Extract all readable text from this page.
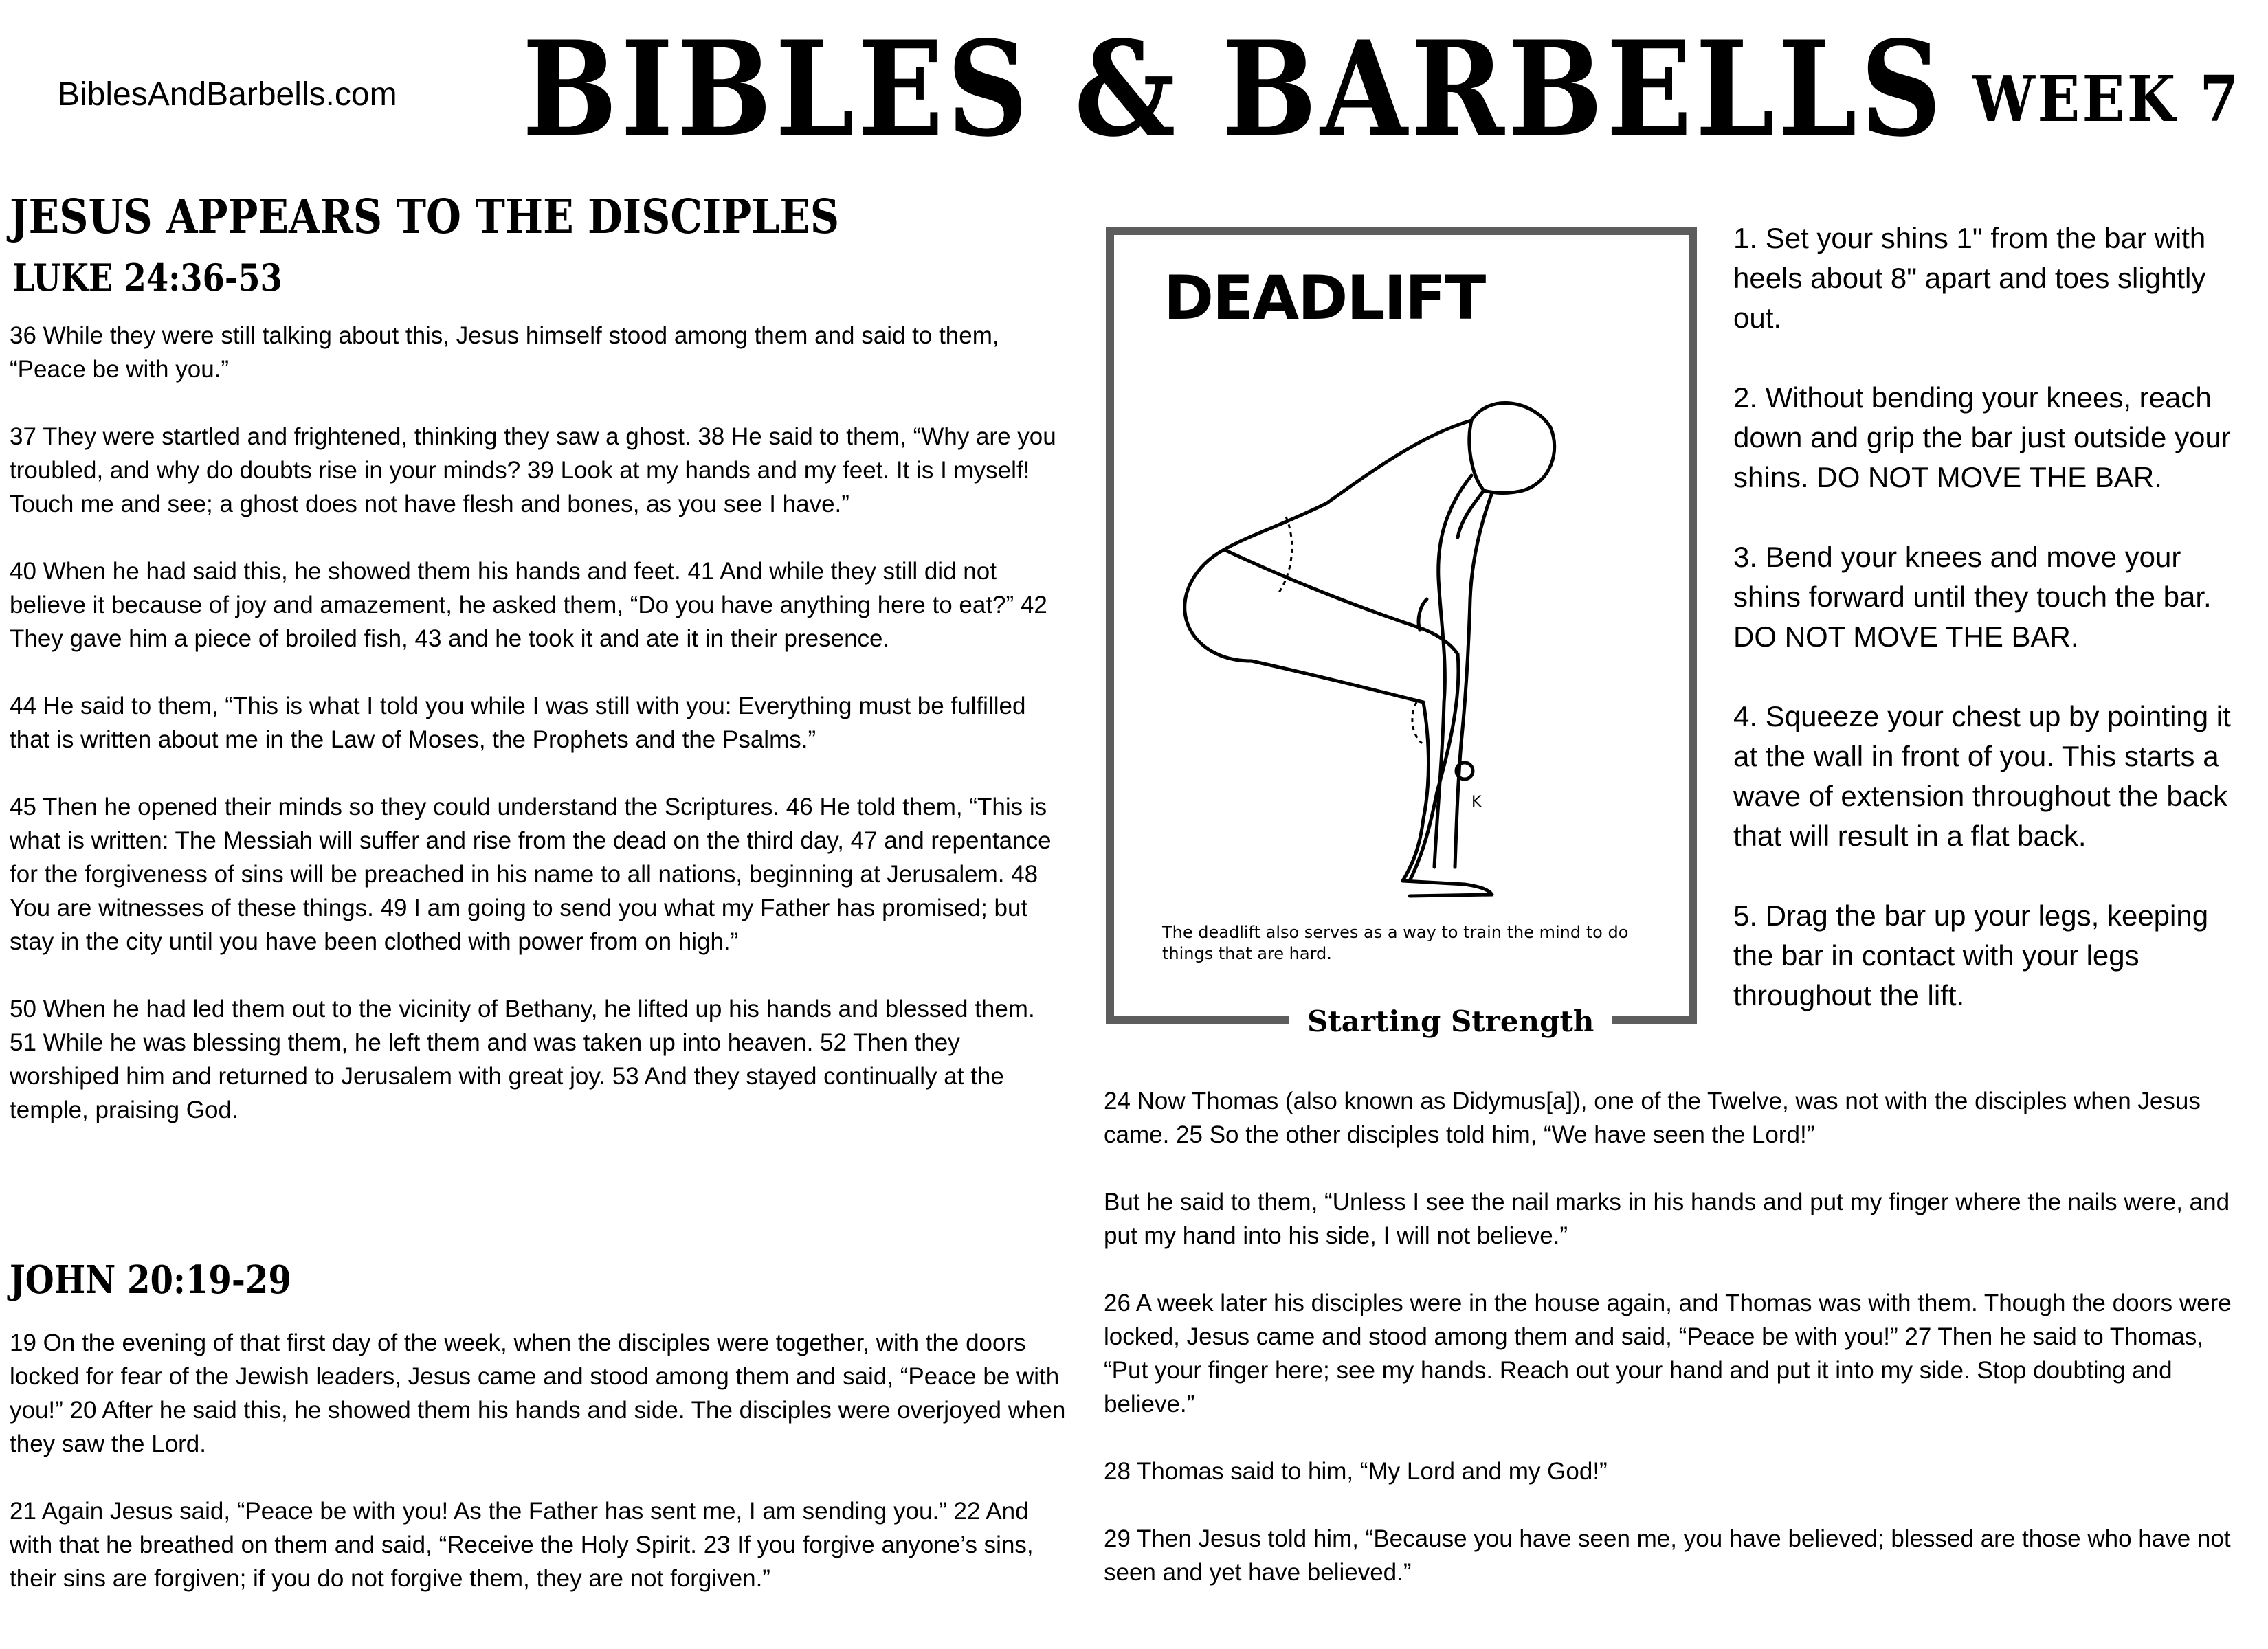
BiblesAndBarbells.com BIBLES & BARBELLS WEEK 7
JESUS APPEARS TO THE DISCIPLES
LUKE 24:36-53

36 While they were still talking about this, Jesus himself stood among them and said to them, “Peace be with you.”

37 They were startled and frightened, thinking they saw a ghost. 38 He said to them, “Why are you troubled, and why do doubts rise in your minds? 39 Look at my hands and my feet. It is I myself! Touch me and see; a ghost does not have flesh and bones, as you see I have.”

40 When he had said this, he showed them his hands and feet. 41 And while they still did not believe it because of joy and amazement, he asked them, “Do you have anything here to eat?” 42 They gave him a piece of broiled fish, 43 and he took it and ate it in their presence.

44 He said to them, “This is what I told you while I was still with you: Everything must be fulfilled that is written about me in the Law of Moses, the Prophets and the Psalms.”

45 Then he opened their minds so they could understand the Scriptures. 46 He told them, “This is what is written: The Messiah will suffer and rise from the dead on the third day, 47 and repentance for the forgiveness of sins will be preached in his name to all nations, beginning at Jerusalem. 48 You are witnesses of these things. 49 I am going to send you what my Father has promised; but stay in the city until you have been clothed with power from on high.”

50 When he had led them out to the vicinity of Bethany, he lifted up his hands and blessed them. 51 While he was blessing them, he left them and was taken up into heaven. 52 Then they worshiped him and returned to Jerusalem with great joy. 53 And they stayed continually at the temple, praising God.

JOHN 20:19-29

19 On the evening of that first day of the week, when the disciples were together, with the doors locked for fear of the Jewish leaders, Jesus came and stood among them and said, “Peace be with you!” 20 After he said this, he showed them his hands and side. The disciples were overjoyed when they saw the Lord.

21 Again Jesus said, “Peace be with you! As the Father has sent me, I am sending you.” 22 And with that he breathed on them and said, “Receive the Holy Spirit. 23 If you forgive anyone’s sins, their sins are forgiven; if you do not forgive them, they are not forgiven.”

DEADLIFT
K
The deadlift also serves as a way to train the mind to do things that are hard.
Starting Strength

1. Set your shins 1" from the bar with heels about 8" apart and toes slightly out.

2. Without bending your knees, reach down and grip the bar just outside your shins. DO NOT MOVE THE BAR.

3. Bend your knees and move your shins forward until they touch the bar. DO NOT MOVE THE BAR.

4. Squeeze your chest up by pointing it at the wall in front of you. This starts a wave of extension throughout the back that will result in a flat back.

5. Drag the bar up your legs, keeping the bar in contact with your legs throughout the lift.

24 Now Thomas (also known as Didymus[a]), one of the Twelve, was not with the disciples when Jesus came. 25 So the other disciples told him, “We have seen the Lord!”

But he said to them, “Unless I see the nail marks in his hands and put my finger where the nails were, and put my hand into his side, I will not believe.”

26 A week later his disciples were in the house again, and Thomas was with them. Though the doors were locked, Jesus came and stood among them and said, “Peace be with you!” 27 Then he said to Thomas, “Put your finger here; see my hands. Reach out your hand and put it into my side. Stop doubting and believe.”

28 Thomas said to him, “My Lord and my God!”

29 Then Jesus told him, “Because you have seen me, you have believed; blessed are those who have not seen and yet have believed.”
